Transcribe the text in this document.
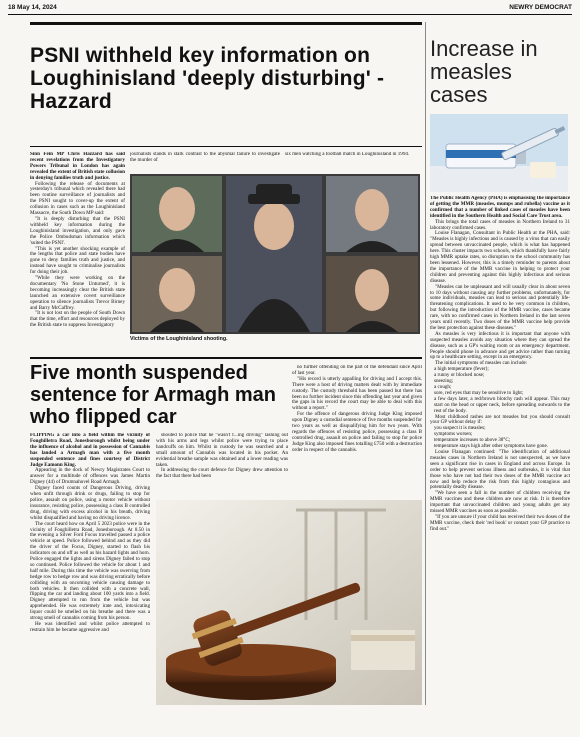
18 May 14, 2024	NEWRY DEMOCRAT
PSNI withheld key information on Loughinisland 'deeply disturbing' - Hazzard

Sinn Féin MP Chris Hazzard has said recent revelations from the Investigatory Powers Tribunal in London has again revealed the extent of British state collusion in denying families truth and justice.

Following the release of documents at yesterday's tribunal which revealed there had been routine surveillance of journalists and the PSNI sought to cover-up the extent of collusion in cases such as the Loughinisland Massacre, the South Down MP said:

"It is deeply disturbing that the PSNI withheld key information during the Loughinisland investigation, and only gave the Police Ombudsman information which 'suited the PSNI'.

"This is yet another shocking example of the lengths that police and state bodies have gone to deny families truth and justice, and instead have sought to criminalise journalists for doing their job.

"While they were working on the documentary 'No Stone Unturned', it is becoming increasingly clear the British state launched an extensive covert surveillance operation to silence journalists Trevor Birney and Barry McCaffrey.

"It is not lost on the people of South Down that the time, effort and resources deployed by the British state to suppress Investigatory

journalists stands in stark contrast to the abysmal failure to investigate the murder of

six men watching a football match in Loughinisland in 1994.

Victims of the Loughinisland shooting.
Five month suspended sentence for Armagh man who flipped car

FLIPPING a car into a field within the vicinity of Foughilletra Road, Jonesborough whilst being under the influence of alcohol and in possession of Cannabis has landed a Armagh man with a five month suspended sentence and fines courtesy of District Judge Eamonn King.

Appearing in the dock of Newry Magistrates Court to answer for a multitude of offences was James Martin Digney (44) of Drumnahuvel Road Armagh.

Digney faced counts of Dangerous Driving, driving when unfit through drink or drugs, failing to stop for police, assault on police, using a motor vehicle without insurance, resisting police, possessing a class B controlled drug, driving with excess alcohol in his breath, driving whilst disqualified and having no driving licence.

The court heard how on April 5 2023 police were in the vicinity of Foughilletra Road, Jonesborough. At 8.50 in the evening a Silver Ford Focus travelled passed a police vehicle at speed. Police followed behind and as they did the driver of the Focus, Digney, started to flash his indicators on and off as well as his hazard lights and horn. Police engaged the lights and sirens Digney failed to stop so continued. Police followed the vehicle for about 1 and half mile. During this time the vehicle was swerving from hedge row to hedge row and was driving erratically before colliding with an oncoming vehicle causing damage to both vehicles. It then collided with a concrete wall, flipping the car and landing about 100 yards into a field. Digney attempted to run from the vehicle but was apprehended. He was extremely irate and, intoxicating liquor could be smelled on his breathe and there was a strong smell of cannabis coming from his person.

He was identified and whilst police attempted to restrain him he became aggressive and

shouted to police that he "wasn't f...ing driving" lashing out with his arms and legs whilst police were trying to place handcuffs on him. Whilst in custody he was searched and a small amount of Cannabis was located in his pocket. An evidential breathe sample was obtained and a lower reading was taken.

In addressing the court defence for Digney drew attention to the fact that there had been

no further offending on the part of the defendant since April of last year.

"His record is utterly appalling for driving and I accept this. There were a host of driving matters dealt with by immediate custody. The custody threshold has been passed but there has been no further incident since this offending last year and given the gaps in his record the court may be able to deal with this without a report."

For the offence of dangerous driving Judge King imposed upon Digney a custodial sentence of five months suspended for two years as well as disqualifying him for two years. With regards the offences of resisting police, possessing a class B controlled drug, assault on police and failing to stop for police Judge King also imposed fines totalling £750 with a destruction order in respect of the cannabis.

Increase in measles cases

The Public Health Agency (PHA) is emphasising the importance of getting the MMR (measles, mumps and rubella) vaccine as it confirmed that a number of linked cases of measles have been identified in the Southern Health and Social Care Trust area.

This brings the total cases of measles in Northern Ireland to 31 laboratory confirmed cases.

Louise Flanagan, Consultant in Public Health at the PHA, said: "Measles is highly infectious and is caused by a virus that can easily spread between unvaccinated people, which is what has happened here. This cluster impacts two schools, which thankfully have fairly high MMR uptake rates, so disruption to the school community has been lessened. However, this is a timely reminder to parents about the importance of the MMR vaccine in helping to protect your children and preventing against this highly infectious and serious disease.

"Measles can be unpleasant and will usually clear in about seven to 10 days without causing any further problems, unfortunately, for some individuals, measles can lead to serious and potentially life-threatening complications. It used to be very common in children, but following the introduction of the MMR vaccine, cases became rare, with no confirmed cases in Northern Ireland in the last seven years until recently. Two doses of the MMR vaccine help provide the best protection against these diseases."

As measles is very infectious it is important that anyone with suspected measles avoids any situation where they can spread the disease, such as a GP's waiting room or an emergency department. People should phone in advance and get advice rather than turning up to a healthcare setting, except in an emergency.

The initial symptoms of measles can include:

a high temperature (fever);

a runny or blocked nose;

sneezing;

a cough;

sore, red eyes that may be sensitive to light;

a few days later, a red/brown blotchy rash will appear. This may start on the head or upper neck, before spreading outwards to the rest of the body.

Most childhood rashes are not measles but you should consult your GP without delay if:

you suspect it is measles;

symptoms worsen;

temperature increases to above 38°C;

temperature stays high after other symptoms have gone.

Louise Flanagan continued: "The identification of additional measles cases in Northern Ireland is not unexpected, as we have seen a significant rise in cases in England and across Europe. In order to help prevent serious illness and outbreaks, it is vital that those who have not had their two doses of the MMR vaccine act now and help reduce the risk from this highly contagious and potentially deadly disease.

"We have seen a fall in the number of children receiving the MMR vaccines and these children are now at risk. It is therefore important that unvaccinated children and young adults get any missed MMR vaccines as soon as possible.

"If you are unsure if your child has received their two doses of the MMR vaccine, check their 'red book' or contact your GP practice to find out."
